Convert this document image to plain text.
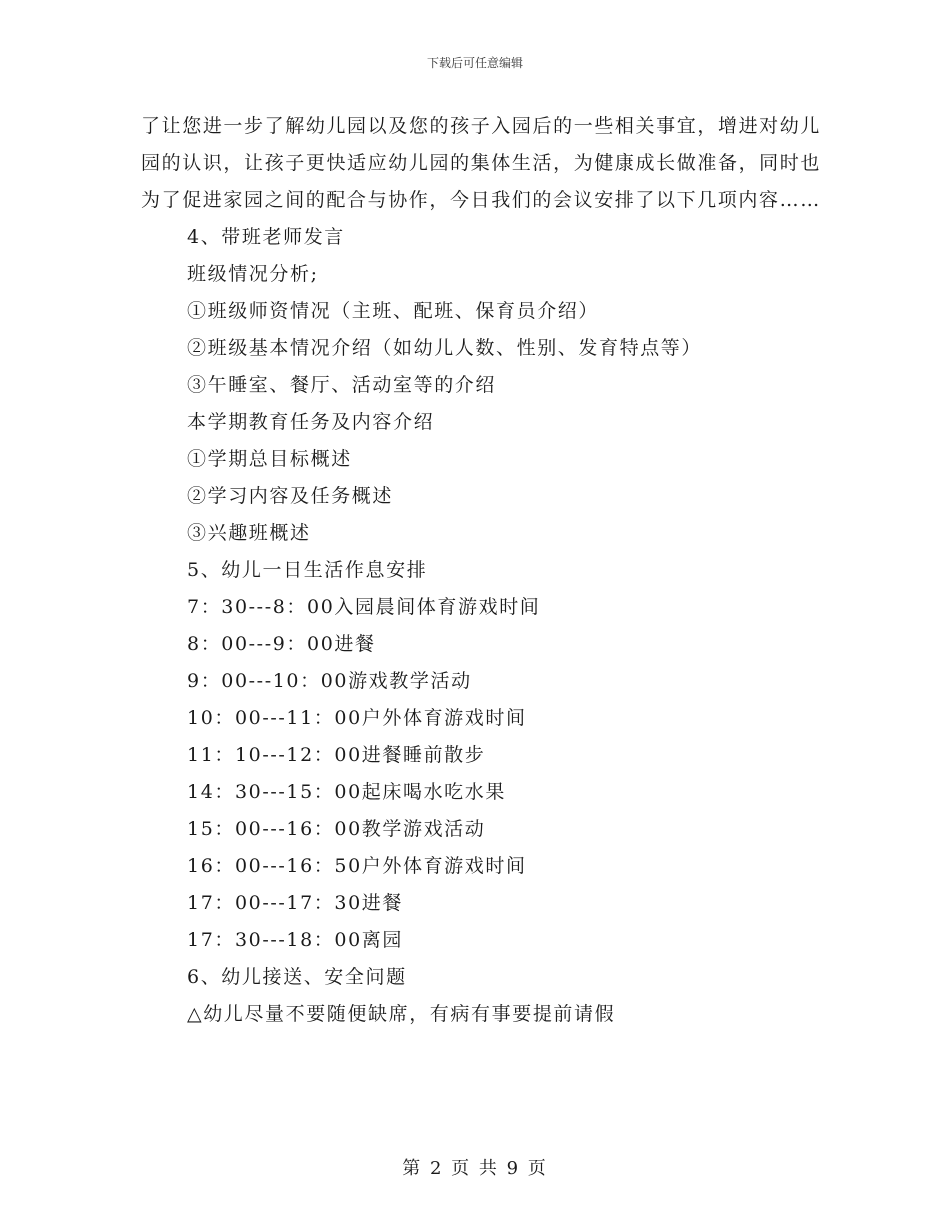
下载后可任意编辑

了让您进一步了解幼儿园以及您的孩子入园后的一些相关事宜，增进对幼儿园的认识，让孩子更快适应幼儿园的集体生活，为健康成长做准备，同时也为了促进家园之间的配合与协作，今日我们的会议安排了以下几项内容……

4、带班老师发言
班级情况分析;
①班级师资情况（主班、配班、保育员介绍）
②班级基本情况介绍（如幼儿人数、性别、发育特点等）
③午睡室、餐厅、活动室等的介绍
本学期教育任务及内容介绍
①学期总目标概述
②学习内容及任务概述
③兴趣班概述
5、幼儿一日生活作息安排
7：30---8：00入园晨间体育游戏时间
8：00---9：00进餐
9：00---10：00游戏教学活动
10：00---11：00户外体育游戏时间
11：10---12：00进餐睡前散步
14：30---15：00起床喝水吃水果
15：00---16：00教学游戏活动
16：00---16：50户外体育游戏时间
17：00---17：30进餐
17：30---18：00离园
6、幼儿接送、安全问题
△幼儿尽量不要随便缺席，有病有事要提前请假
第 2 页 共 9 页
